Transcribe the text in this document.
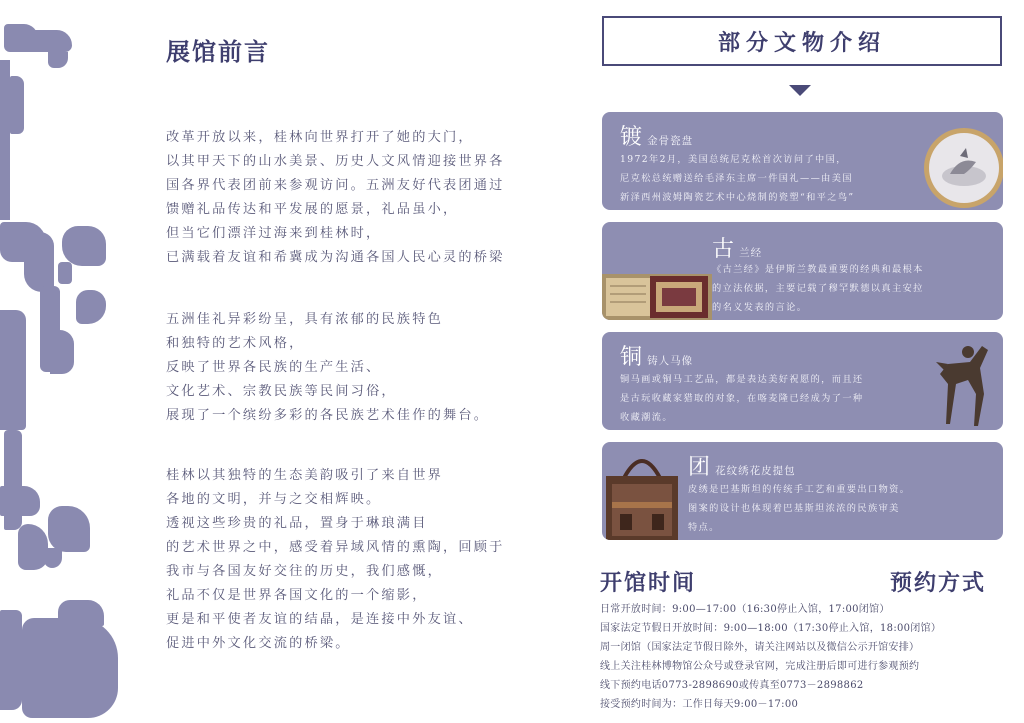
展馆前言
改革开放以来，桂林向世界打开了她的大门，
以其甲天下的山水美景、历史人文风情迎接世界各
国各界代表团前来参观访问。五洲友好代表团通过
馈赠礼品传达和平发展的愿景，礼品虽小，
但当它们漂洋过海来到桂林时，
已满载着友谊和希冀成为沟通各国人民心灵的桥梁
五洲佳礼异彩纷呈，具有浓郁的民族特色
和独特的艺术风格，
反映了世界各民族的生产生活、
文化艺术、宗教民族等民间习俗，
展现了一个缤纷多彩的各民族艺术佳作的舞台。
桂林以其独特的生态美韵吸引了来自世界
各地的文明，并与之交相辉映。
透视这些珍贵的礼品，置身于琳琅满目
的艺术世界之中，感受着异域风情的熏陶，回顾于
我市与各国友好交往的历史，我们感慨，
礼品不仅是世界各国文化的一个缩影，
更是和平使者友谊的结晶，是连接中外友谊、
促进中外文化交流的桥梁。
部分文物介绍
镀 金骨瓷盘
1972年2月，美国总统尼克松首次访问了中国，
尼克松总统赠送给毛泽东主席一件国礼——由美国
新泽西州波姆陶瓷艺术中心烧制的瓷塑“和平之鸟”
古 兰经
《古兰经》是伊斯兰教最重要的经典和最根本
的立法依据，主要记载了穆罕默德以真主安拉
的名义发表的言论。
铜 铸人马像
铜马画或铜马工艺品，都是表达美好祝愿的，而且还
是古玩收藏家猎取的对象，在喀麦隆已经成为了一种
收藏潮流。
团 花纹绣花皮提包
皮绣是巴基斯坦的传统手工艺和重要出口物资。
图案的设计也体现着巴基斯坦浓浓的民族审美
特点。
开馆时间	预约方式
日常开放时间：9:00—17:00（16:30停止入馆，17:00闭馆）
国家法定节假日开放时间：9:00—18:00（17:30停止入馆，18:00闭馆）
周一闭馆（国家法定节假日除外，请关注网站以及微信公示开馆安排）
线上关注桂林博物馆公众号或登录官网，完成注册后即可进行参观预约
线下预约电话0773-2898690或传真至0773－2898862
接受预约时间为：工作日每天9:00－17:00
